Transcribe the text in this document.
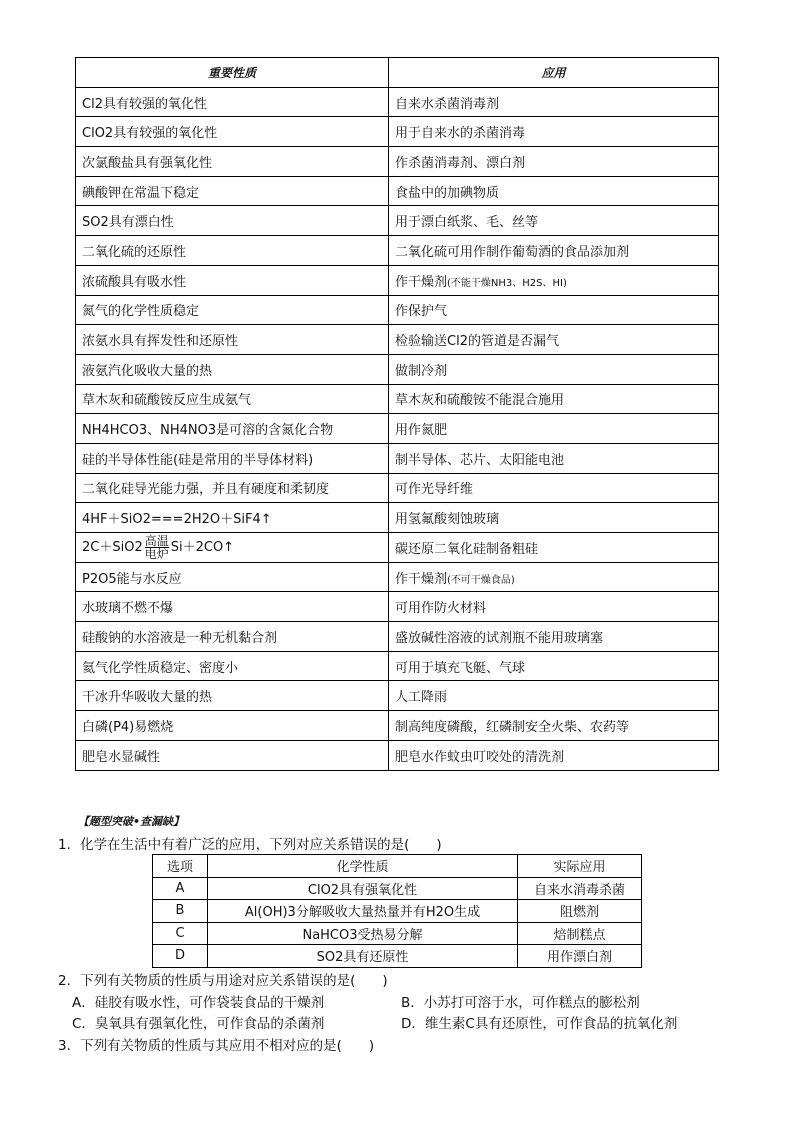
重要性质	应用
Cl2具有较强的氧化性	自来水杀菌消毒剂
ClO2具有较强的氧化性	用于自来水的杀菌消毒
次氯酸盐具有强氧化性	作杀菌消毒剂、漂白剂
碘酸钾在常温下稳定	食盐中的加碘物质
SO2具有漂白性	用于漂白纸浆、毛、丝等
二氧化硫的还原性	二氧化硫可用作制作葡萄酒的食品添加剂
浓硫酸具有吸水性	作干燥剂(不能干燥NH3、H2S、HI)
氮气的化学性质稳定	作保护气
浓氨水具有挥发性和还原性	检验输送Cl2的管道是否漏气
液氨汽化吸收大量的热	做制冷剂
草木灰和硫酸铵反应生成氨气	草木灰和硫酸铵不能混合施用
NH4HCO3、NH4NO3是可溶的含氮化合物	用作氮肥
硅的半导体性能(硅是常用的半导体材料)	制半导体、芯片、太阳能电池
二氧化硅导光能力强，并且有硬度和柔韧度	可作光导纤维
4HF＋SiO2===2H2O＋SiF4↑	用氢氟酸刻蚀玻璃
$2C+SiO2 \frac{\text{高温}}{\text{电炉}}$ Si＋2CO↑	碳还原二氧化硅制备粗硅
P2O5能与水反应	作干燥剂(不可干燥食品)
水玻璃不燃不爆	可用作防火材料
硅酸钠的水溶液是一种无机黏合剂	盛放碱性溶液的试剂瓶不能用玻璃塞
氦气化学性质稳定、密度小	可用于填充飞艇、气球
干冰升华吸收大量的热	人工降雨
白磷(P4)易燃烧	制高纯度磷酸，红磷制安全火柴、农药等
肥皂水显碱性	肥皂水作蚊虫叮咬处的清洗剂
【题型突破•查漏缺】
1．化学在生活中有着广泛的应用，下列对应关系错误的是(　　)
选项	化学性质	实际应用
A	ClO2具有强氧化性	自来水消毒杀菌
B	Al(OH)3分解吸收大量热量并有H2O生成	阻燃剂
C	NaHCO3受热易分解	焙制糕点
D	SO2具有还原性	用作漂白剂
2．下列有关物质的性质与用途对应关系错误的是(　　)
A．硅胶有吸水性，可作袋装食品的干燥剂	B．小苏打可溶于水，可作糕点的膨松剂
C．臭氧具有强氧化性，可作食品的杀菌剂	D．维生素C具有还原性，可作食品的抗氧化剂
3．下列有关物质的性质与其应用不相对应的是(　　)
